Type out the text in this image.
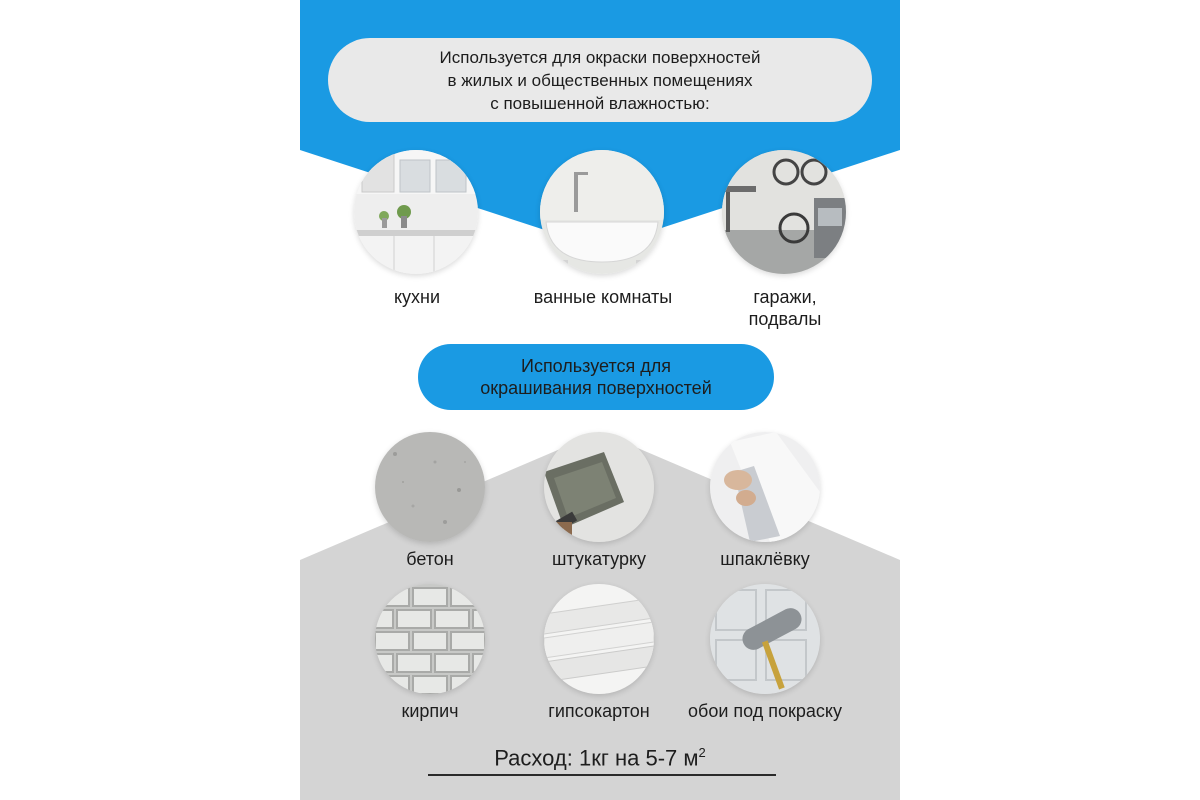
Используется для окраски поверхностей
в жилых и общественных помещениях
с повышенной влажностью:
кухни	ванные комнаты	гаражи,
подвалы
Используется для
окрашивания поверхностей
бетон	штукатурку	шпаклёвку
кирпич	гипсокартон	обои под покраску
Расход: 1кг на 5-7 $м^2$
